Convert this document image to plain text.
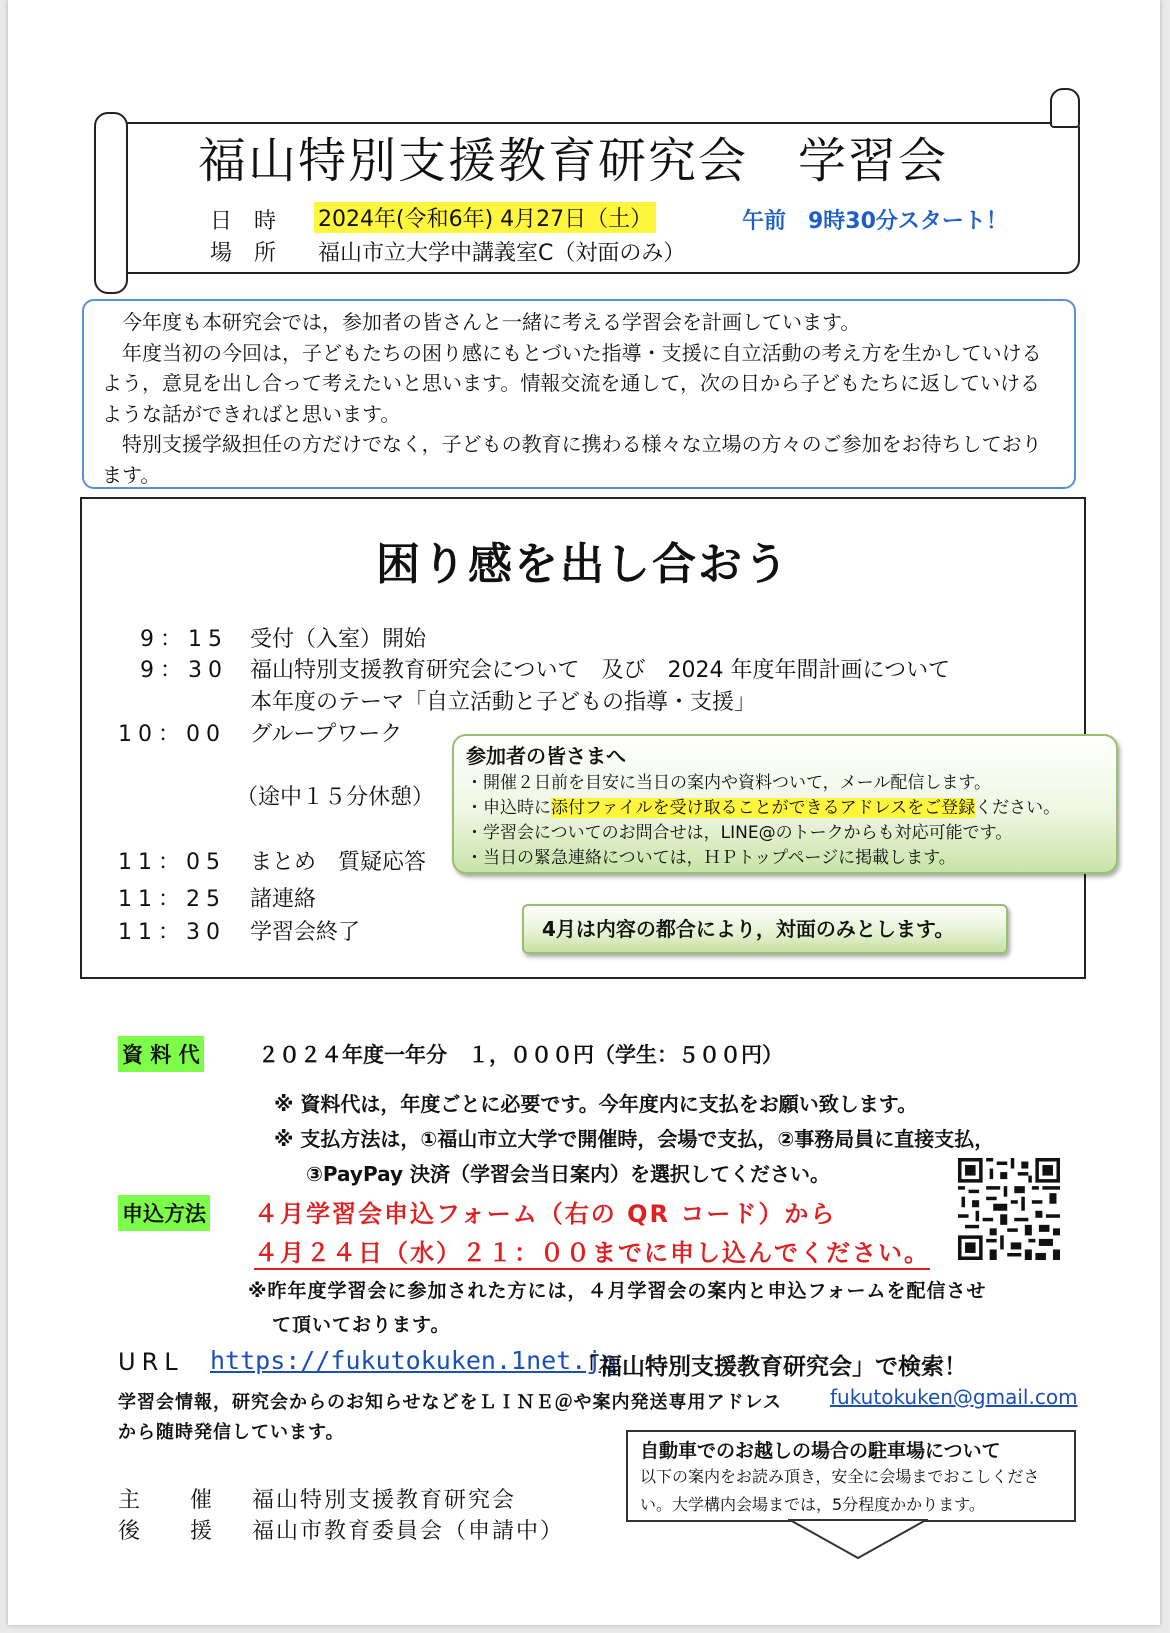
福山特別支援教育研究会　学習会
日　時 2024年(令和6年) 4月27日（土）	午前　9時30分スタート！
場　所 福山市立大学中講義室C（対面のみ）

　今年度も本研究会では，参加者の皆さんと一緒に考える学習会を計画しています。

　年度当初の今回は，子どもたちの困り感にもとづいた指導・支援に自立活動の考え方を生かしていけるよう，意見を出し合って考えたいと思います。情報交流を通して，次の日から子どもたちに返していけるような話ができればと思います。

　特別支援学級担任の方だけでなく，子どもの教育に携わる様々な立場の方々のご参加をお待ちしております。

困り感を出し合おう
9：15 受付（入室）開始
9：30 福山特別支援教育研究会について　及び　2024 年度年間計画について
本年度のテーマ「自立活動と子どもの指導・支援」
10：00 グループワーク
（途中１５分休憩）
11：05 まとめ　質疑応答
11：25 諸連絡
11：30 学習会終了
参加者の皆さまへ
・開催２日前を目安に当日の案内や資料ついて，メール配信します。
・申込時に添付ファイルを受け取ることができるアドレスをご登録ください。
・学習会についてのお問合せは，LINE@のトークからも対応可能です。
・当日の緊急連絡については，ＨＰトップページに掲載します。
4月は内容の都合により，対面のみとします。
資 料 代	２０２４年度一年分　１，０００円（学生：５００円）
※ 資料代は，年度ごとに必要です。今年度内に支払をお願い致します。
※ 支払方法は，①福山市立大学で開催時，会場で支払，②事務局員に直接支払，
③PayPay 決済（学習会当日案内）を選択してください。
申込方法 ４月学習会申込フォーム（右の QR コード）から
４月２４日（水）２１：００までに申し込んでください。
※昨年度学習会に参加された方には，４月学習会の案内と申込フォームを配信させ
て頂いております。
URL https://fukutokuken.1net.jp
「福山特別支援教育研究会」で検索！
学習会情報，研究会からのお知らせなどをＬＩＮＥ＠や案内発送専用アドレス fukutokuken@gmail.com
から随時発信しています。
自動車でのお越しの場合の駐車場について
以下の案内をお読み頂き，安全に会場までおこしください。大学構内会場までは，5分程度かかります。
主　　催 福山特別支援教育研究会
後　　援 福山市教育委員会（申請中）
